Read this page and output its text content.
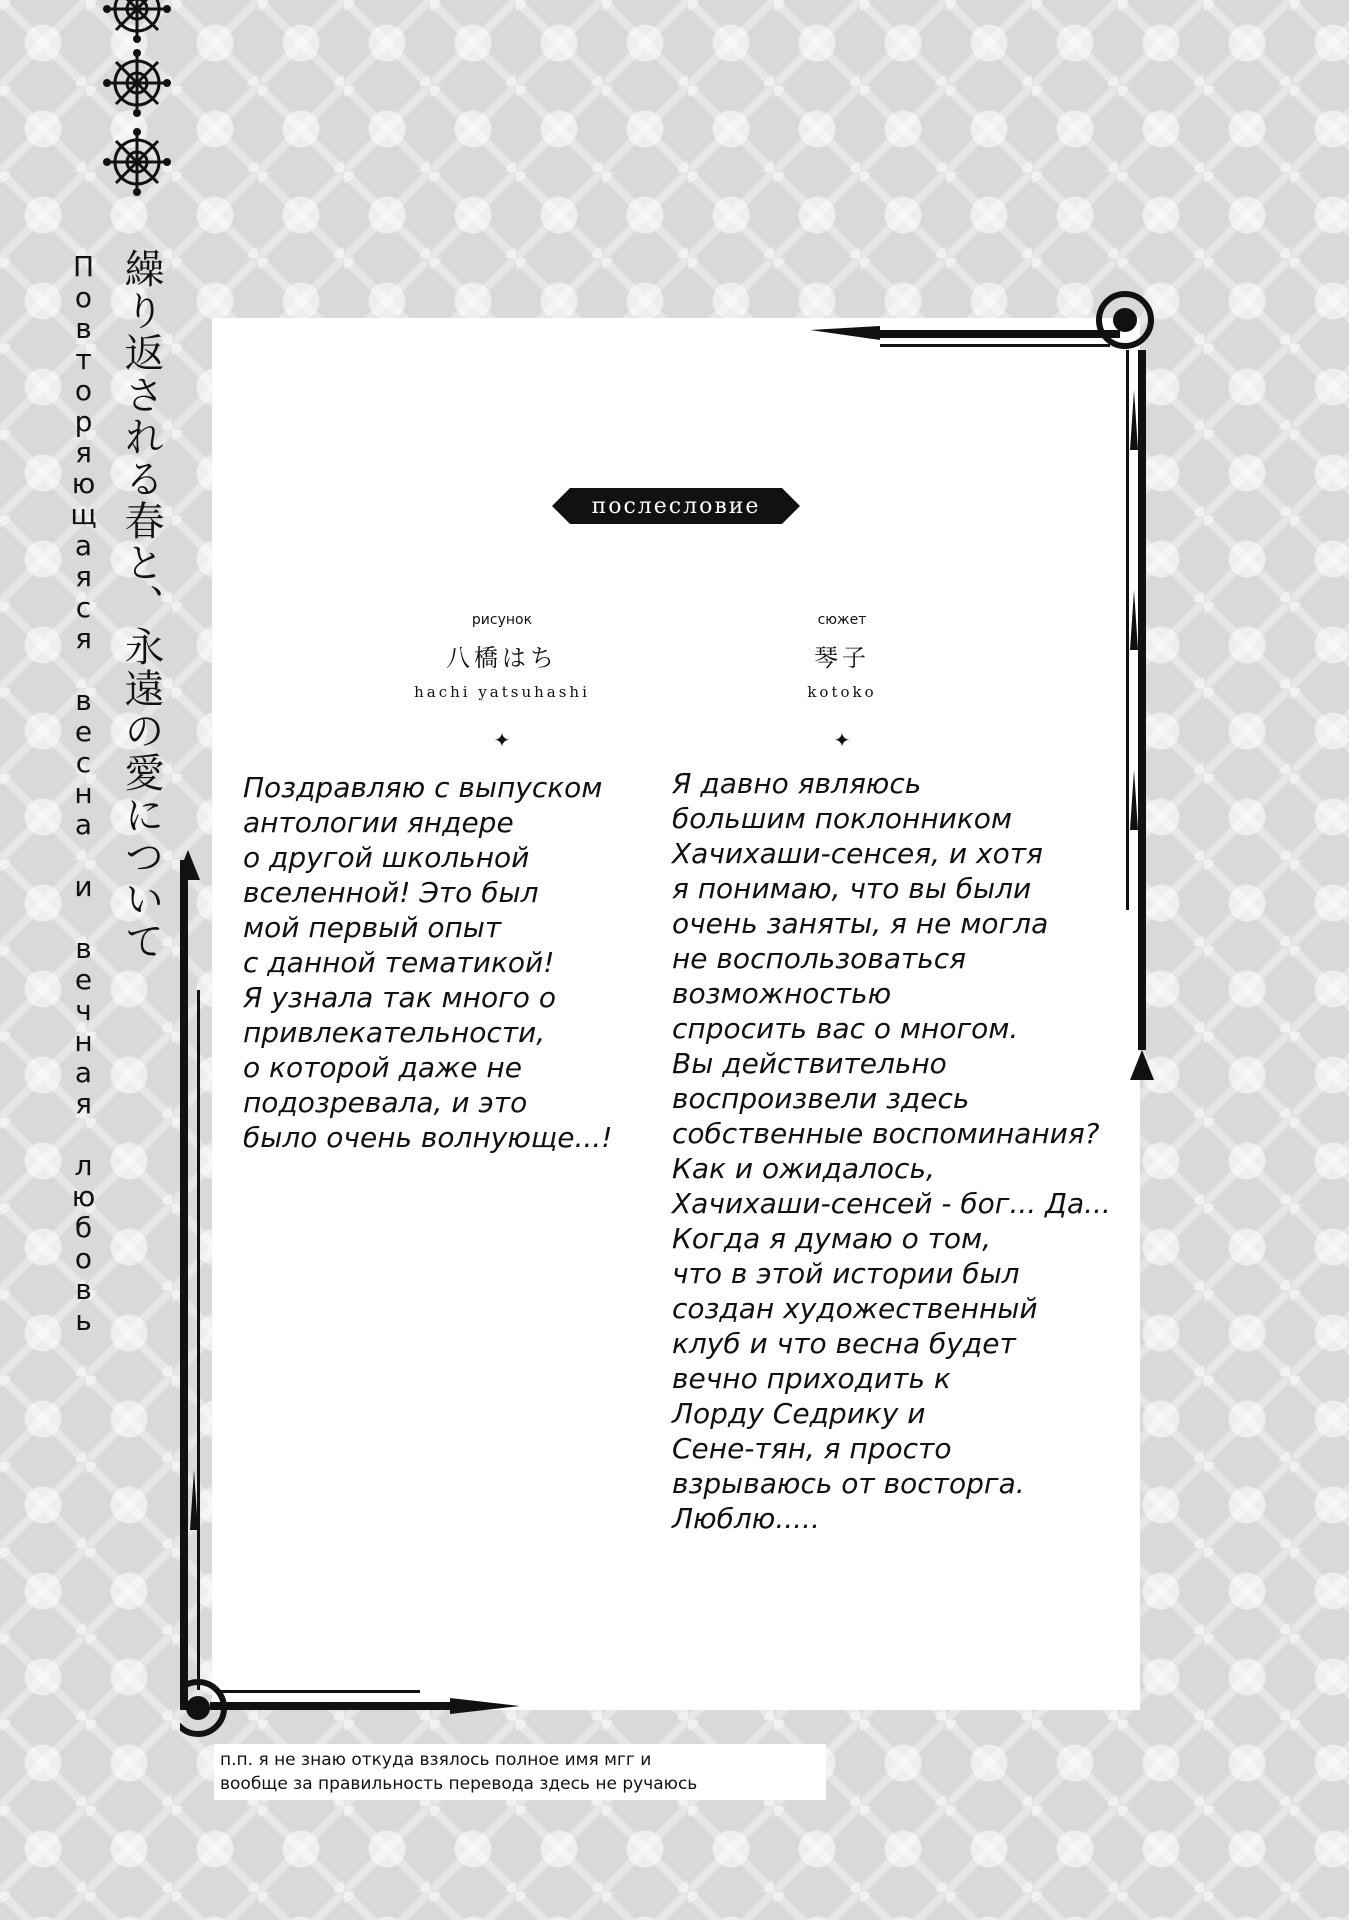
繰り返される春と、永遠の愛について
Повторяющаяся весна и вечная любовь	послесловие
рисунок
八橋はち
hachi yatsuhashi
сюжет
琴子
kotoko
✦	✦
Поздравляю с выпуском
антологии яндере
о другой школьной
вселенной! Это был
мой первый опыт
с данной тематикой!
Я узнала так много о
привлекательности,
о которой даже не
подозревала, и это
было очень волнующе...!
Я давно являюсь
большим поклонником
Хачихаши-сенсея, и хотя
я понимаю, что вы были
очень заняты, я не могла
не воспользоваться
возможностью
спросить вас о многом.
Вы действительно
воспроизвели здесь
собственные воспоминания?
Как и ожидалось,
Хачихаши-сенсей - бог... Да...
Когда я думаю о том,
что в этой истории был
создан художественный
клуб и что весна будет
вечно приходить к
Лорду Седрику и
Сене-тян, я просто
взрываюсь от восторга.
Люблю.....
п.п. я не знаю откуда взялось полное имя мгг и
вообще за правильность перевода здесь не ручаюсь
